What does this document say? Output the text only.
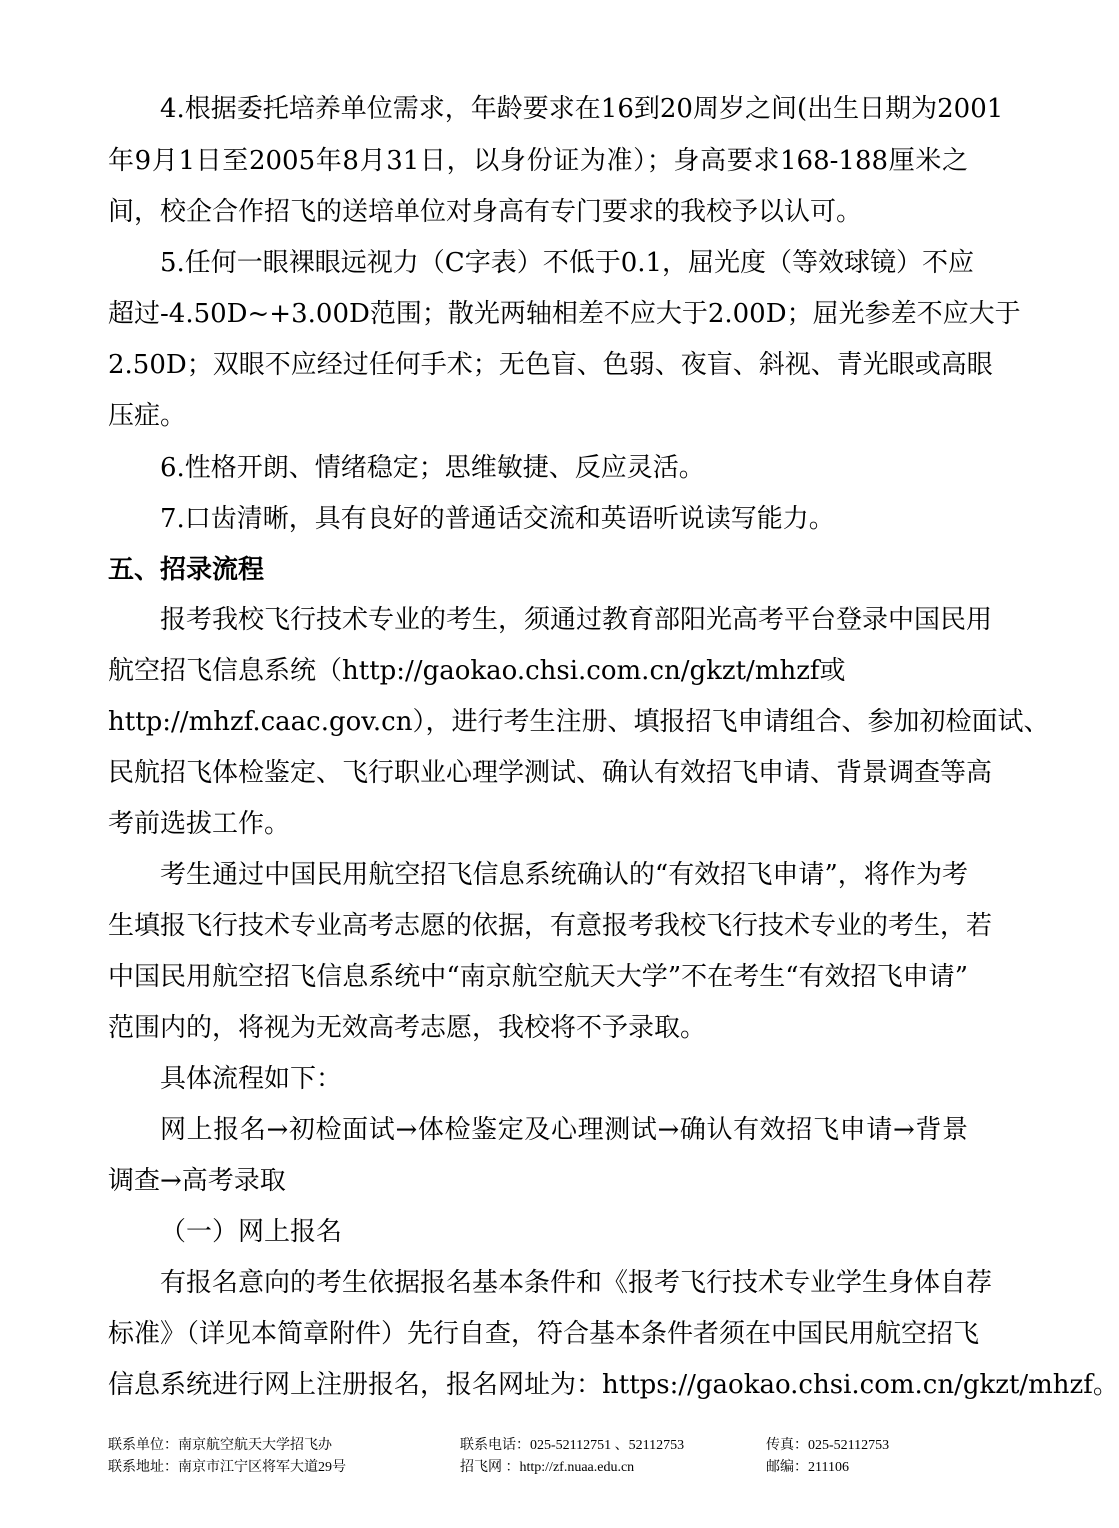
4.根据委托培养单位需求，年龄要求在16到20周岁之间(出生日期为2001
年9月1日至2005年8月31日，以身份证为准）；身高要求168-188厘米之
间，校企合作招飞的送培单位对身高有专门要求的我校予以认可。
5.任何一眼裸眼远视力（C字表）不低于0.1，屈光度（等效球镜）不应
超过-4.50D~+3.00D范围；散光两轴相差不应大于2.00D；屈光参差不应大于
2.50D；双眼不应经过任何手术；无色盲、色弱、夜盲、斜视、青光眼或高眼
压症。
6.性格开朗、情绪稳定；思维敏捷、反应灵活。
7.口齿清晰，具有良好的普通话交流和英语听说读写能力。
五、招录流程
报考我校飞行技术专业的考生，须通过教育部阳光高考平台登录中国民用
航空招飞信息系统（http://gaokao.chsi.com.cn/gkzt/mhzf或
http://mhzf.caac.gov.cn），进行考生注册、填报招飞申请组合、参加初检面试、
民航招飞体检鉴定、飞行职业心理学测试、确认有效招飞申请、背景调查等高
考前选拔工作。
考生通过中国民用航空招飞信息系统确认的“有效招飞申请”，将作为考
生填报飞行技术专业高考志愿的依据，有意报考我校飞行技术专业的考生，若
中国民用航空招飞信息系统中“南京航空航天大学”不在考生“有效招飞申请”
范围内的，将视为无效高考志愿，我校将不予录取。
具体流程如下：
网上报名→初检面试→体检鉴定及心理测试→确认有效招飞申请→背景
调查→高考录取
（一）网上报名
有报名意向的考生依据报名基本条件和《报考飞行技术专业学生身体自荐
标准》（详见本简章附件）先行自查，符合基本条件者须在中国民用航空招飞
信息系统进行网上注册报名，报名网址为：https://gaokao.chsi.com.cn/gkzt/mhzf。
联系单位：南京航空航天大学招飞办	联系电话：025-52112751 、52112753	传真：025-52112753
联系地址：南京市江宁区将军大道29号	招飞网 ：http://zf.nuaa.edu.cn	邮编：211106
